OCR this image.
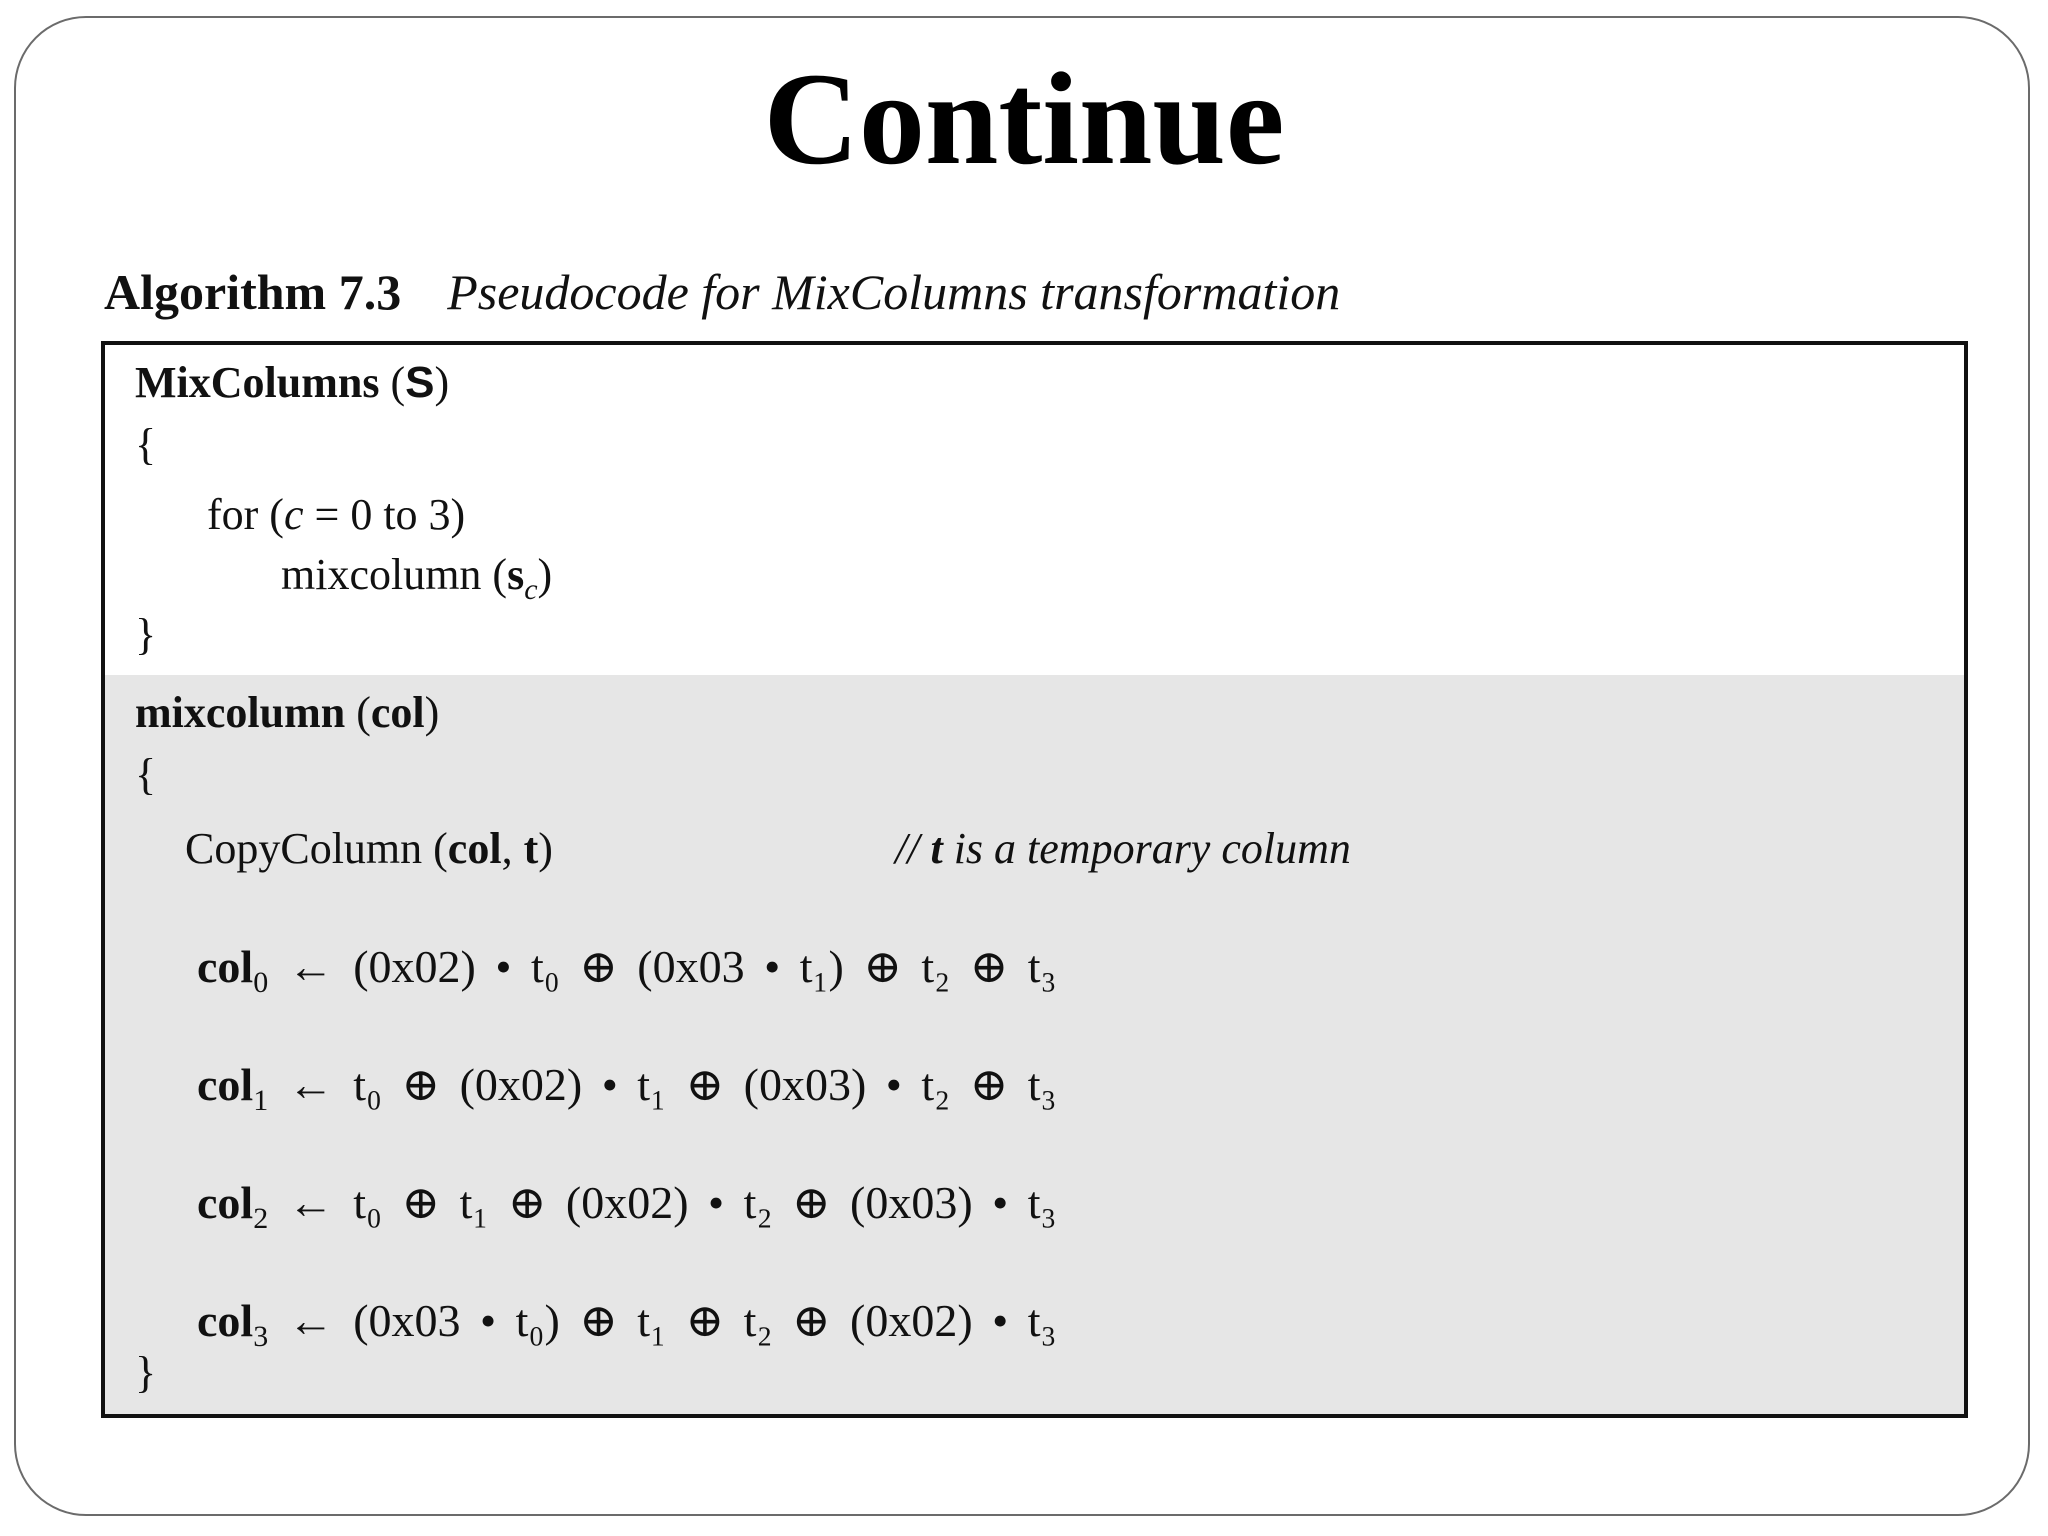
Continue
Algorithm 7.3 Pseudocode for MixColumns transformation
MixColumns (S)
{
for (c = 0 to 3)
mixcolumn $(s_c)$
}
mixcolumn (col)
{
CopyColumn (col, t)	// t is a temporary column
col$_0$ ← (0x02) • t₀ ⊕ (0x03 • t₁) ⊕ t₂ ⊕ t₃
col$_1$ ← t₀ ⊕ (0x02) • t₁ ⊕ (0x03) • t₂ ⊕ t₃
col$_2$ ← t₀ ⊕ t₁ ⊕ (0x02) • t₂ ⊕ (0x03) • t₃
col$_3$ ← (0x03 • t₀) ⊕ t₁ ⊕ t₂ ⊕ (0x02) • t₃
}
